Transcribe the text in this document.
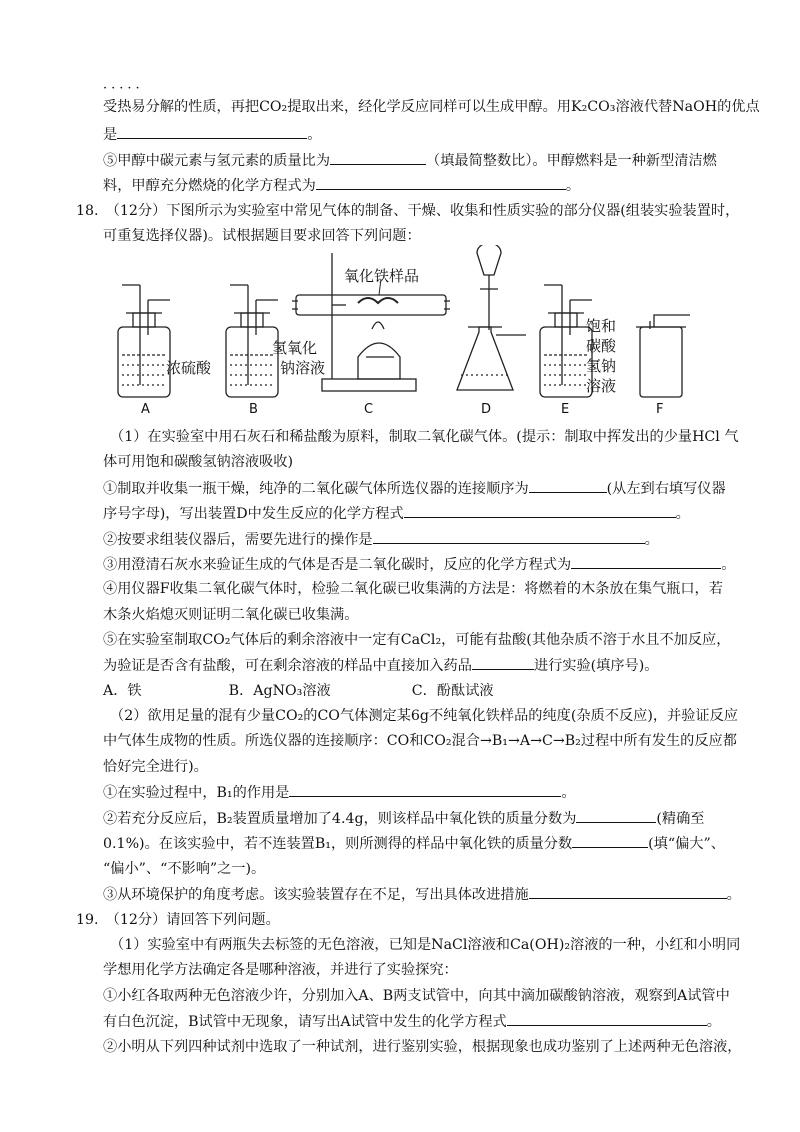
·····
受热易分解的性质，再把CO₂提取出来，经化学反应同样可以生成甲醇。用K₂CO₃溶液代替NaOH的优点
是	。
⑤甲醇中碳元素与氢元素的质量比为	（填最简整数比）。甲醇燃料是一种新型清洁燃
料，甲醇充分燃烧的化学方程式为	。
18.　（12分）下图所示为实验室中常见气体的制备、干燥、收集和性质实验的部分仪器(组装实验装置时，
可重复选择仪器)。试根据题目要求回答下列问题：
浓硫酸
氢氧化
钠溶液
氧化铁样品
饱和
碳酸
氢钠
溶液
A	B	C	D	E	F
（1）在实验室中用石灰石和稀盐酸为原料，制取二氧化碳气体。(提示：制取中挥发出的少量HCl 气
体可用饱和碳酸氢钠溶液吸收)
①制取并收集一瓶干燥，纯净的二氧化碳气体所选仪器的连接顺序为	(从左到右填写仪器
序号字母)，写出装置D中发生反应的化学方程式	。
②按要求组装仪器后，需要先进行的操作是	。
③用澄清石灰水来验证生成的气体是否是二氧化碳时，反应的化学方程式为	。
④用仪器F收集二氧化碳气体时，检验二氧化碳已收集满的方法是：将燃着的木条放在集气瓶口，若
木条火焰熄灭则证明二氧化碳已收集满。
⑤在实验室制取CO₂气体后的剩余溶液中一定有CaCl₂，可能有盐酸(其他杂质不溶于水且不加反应，
为验证是否含有盐酸，可在剩余溶液的样品中直接加入药品	进行实验(填序号)。
A．铁	B．AgNO₃溶液	C．酚酞试液
（2）欲用足量的混有少量CO₂的CO气体测定某6g不纯氧化铁样品的纯度(杂质不反应)，并验证反应
中气体生成物的性质。所选仪器的连接顺序：CO和CO₂混合→B₁→A→C→B₂过程中所有发生的反应都
恰好完全进行)。
①在实验过程中，B₁的作用是	。
②若充分反应后，B₂装置质量增加了4.4g，则该样品中氧化铁的质量分数为	(精确至
0.1%)。在该实验中，若不连装置B₁，则所测得的样品中氧化铁的质量分数	(填“偏大”、
“偏小”、“不影响”之一)。
③从环境保护的角度考虑。该实验装置存在不足，写出具体改进措施	。
19.　（12分）请回答下列问题。
（1）实验室中有两瓶失去标签的无色溶液，已知是NaCl溶液和Ca(OH)₂溶液的一种，小红和小明同
学想用化学方法确定各是哪种溶液，并进行了实验探究：
①小红各取两种无色溶液少许，分别加入A、B两支试管中，向其中滴加碳酸钠溶液，观察到A试管中
有白色沉淀，B试管中无现象，请写出A试管中发生的化学方程式	。
②小明从下列四种试剂中选取了一种试剂，进行鉴别实验，根据现象也成功鉴别了上述两种无色溶液，
